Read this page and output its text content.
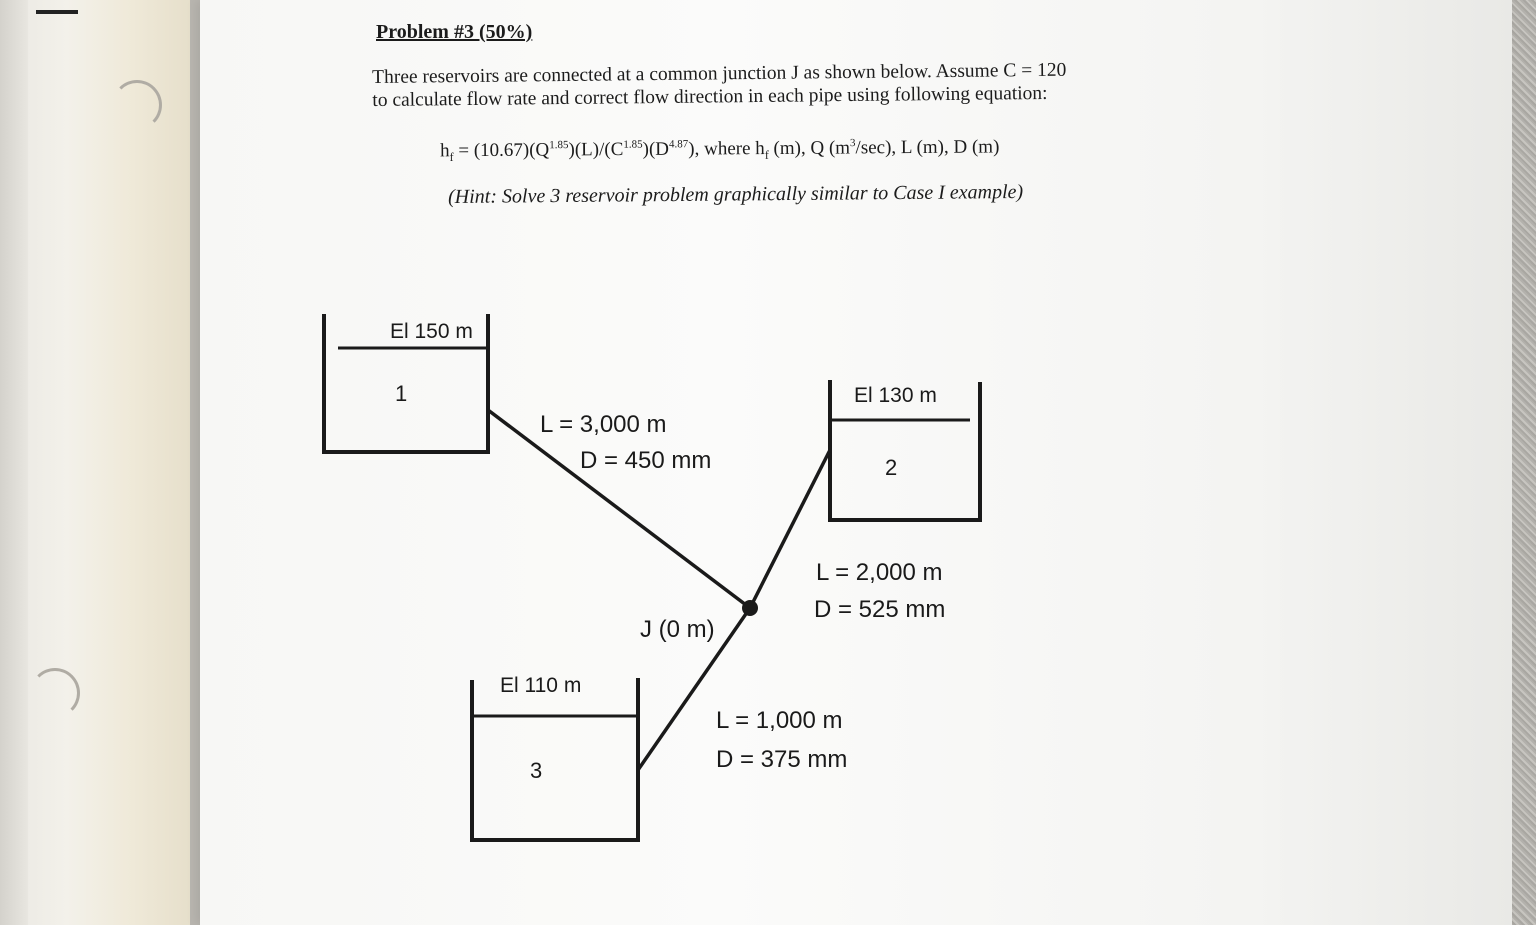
Problem #3 (50%)
Three reservoirs are connected at a common junction J as shown below. Assume C = 120
to calculate flow rate and correct flow direction in each pipe using following equation:
$h_f = (10.67)(Q^{1.85})(L)/(C^{1.85})(D^{4.87})$, where $h_f$ (m), Q $(m^3/\sec)$, L (m), D (m)
(Hint: Solve 3 reservoir problem graphically similar to Case I example)
El 150 m
1	El 130 m
2
El 110 m
3
J (0 m)
L = 3,000 m
D = 450 mm
L = 2,000 m
D = 525 mm
L = 1,000 m
D = 375 mm
